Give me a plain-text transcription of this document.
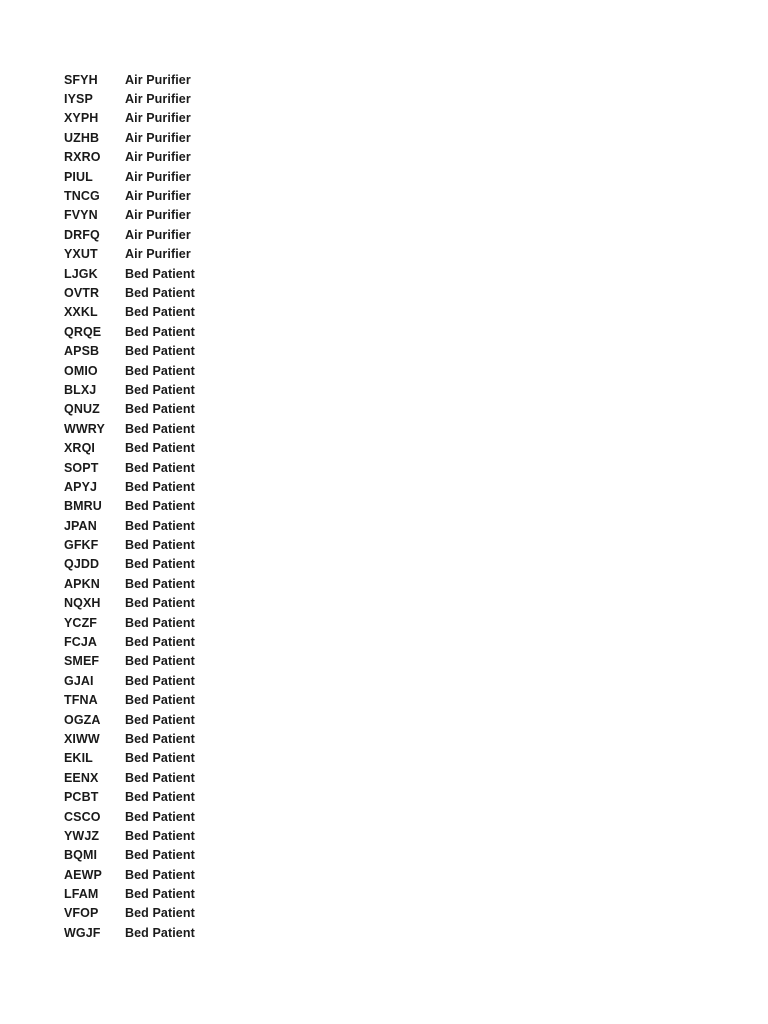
SFYH	Air Purifier
IYSP	Air Purifier
XYPH	Air Purifier
UZHB	Air Purifier
RXRO	Air Purifier
PIUL	Air Purifier
TNCG	Air Purifier
FVYN	Air Purifier
DRFQ	Air Purifier
YXUT	Air Purifier
LJGK	Bed Patient
OVTR	Bed Patient
XXKL	Bed Patient
QRQE	Bed Patient
APSB	Bed Patient
OMIO	Bed Patient
BLXJ	Bed Patient
QNUZ	Bed Patient
WWRY	Bed Patient
XRQI	Bed Patient
SOPT	Bed Patient
APYJ	Bed Patient
BMRU	Bed Patient
JPAN	Bed Patient
GFKF	Bed Patient
QJDD	Bed Patient
APKN	Bed Patient
NQXH	Bed Patient
YCZF	Bed Patient
FCJA	Bed Patient
SMEF	Bed Patient
GJAI	Bed Patient
TFNA	Bed Patient
OGZA	Bed Patient
XIWW	Bed Patient
EKIL	Bed Patient
EENX	Bed Patient
PCBT	Bed Patient
CSCO	Bed Patient
YWJZ	Bed Patient
BQMI	Bed Patient
AEWP	Bed Patient
LFAM	Bed Patient
VFOP	Bed Patient
WGJF	Bed Patient
